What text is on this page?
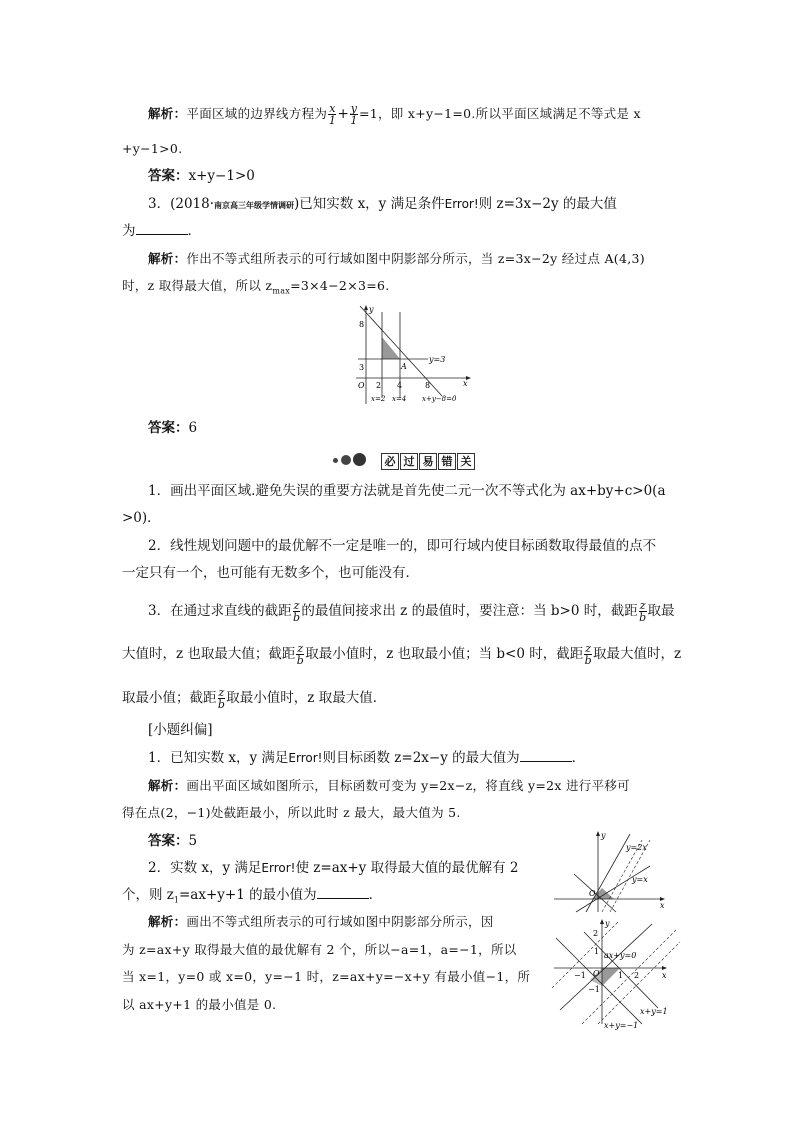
解析：平面区域的边界线方程为 $\frac{x}{1} + \frac{y}{1} =1$，即 x+y−1=0.所以平面区域满足不等式是 x
+y−1>0.
答案：x+y−1>0
3．(2018·南京高三年级学情调研)已知实数 x，y 满足条件Error!则 z=3x−2y 的最大值
为	．
解析：作出不等式组所表示的可行域如图中阴影部分所示，当 z=3x−2y 经过点 A(4,3)
时，z 取得最大值，所以 $z_{max}=3\times 4-2\times 3=6$.
y
x
O
8
3
2 4	8
A
y=3
x=2 x=4 x+y−8=0
答案：6
必 过 易 错 关
1．画出平面区域.避免失误的重要方法就是首先使二元一次不等式化为 ax+by+c>0(a
>0)．
2．线性规划问题中的最优解不一定是唯一的，即可行域内使目标函数取得最值的点不
一定只有一个，也可能有无数多个，也可能没有．
3．在通过求直线的截距 $\frac{z}{b}$ 的最值间接求出 z 的最值时，要注意：当 b>0 时，截距 $\frac{z}{b}$ 取最
大值时，z 也取最大值；截距 $\frac{z}{b}$ 取最小值时，z 也取最小值；当 b<0 时，截距 $\frac{z}{b}$ 取最大值时，z
取最小值；截距 $\frac{z}{b}$ 取最小值时，z 取最大值．
[小题纠偏]
1．已知实数 x，y 满足Error!则目标函数 z=2x−y 的最大值为	．
解析：画出平面区域如图所示，目标函数可变为 y=2x−z，将直线 y=2x 进行平移可
得在点(2，−1)处截距最小，所以此时 z 最大，最大值为 5.
答案：5
2．实数 x，y 满足Error!使 z=ax+y 取得最大值的最优解有 2
个，则 $z_1=ax+y+1$ 的最小值为	．
解析：画出不等式组所表示的可行域如图中阴影部分所示，因
为 z=ax+y 取得最大值的最优解有 2 个，所以−a=1，a=−1，所以
当 x=1，y=0 或 x=0，y=−1 时，z=ax+y=−x+y 有最小值−1，所
以 ax+y+1 的最小值是 0.
y
x
O
y=2x
y=x
y
x
O
2
1
−1
−1	1 2
ax+y=0
x+y=1
x+y=−1
